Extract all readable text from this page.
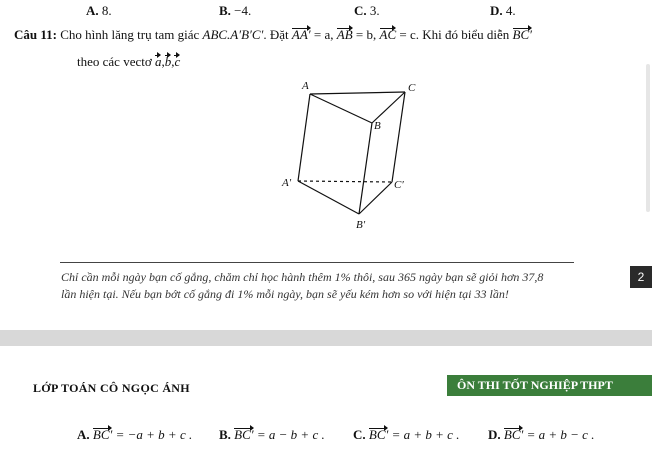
A. 8.	B. −4.	C. 3.	D. 4.
Câu 11: Cho hình lăng trụ tam giác ABC.A′B′C′. Đặt AA′ = a, AB = b, AC = c. Khi đó biểu diễn BC′
theo các vectơ a,b,c
A	C
B
A′	C′
B′
Chỉ cần mỗi ngày bạn cố gắng, chăm chỉ học hành thêm 1% thôi, sau 365 ngày bạn sẽ giỏi hơn 37,8
lần hiện tại. Nếu bạn bớt cố gắng đi 1% mỗi ngày, bạn sẽ yếu kém hơn so với hiện tại 33 lần!
2
LỚP TOÁN CÔ NGỌC ÁNH	ÔN THI TỐT NGHIỆP THPT
A. BC′ = −a + b + c . B. BC′ = a − b + c . C. BC′ = a + b + c . D. BC′ = a + b − c .
